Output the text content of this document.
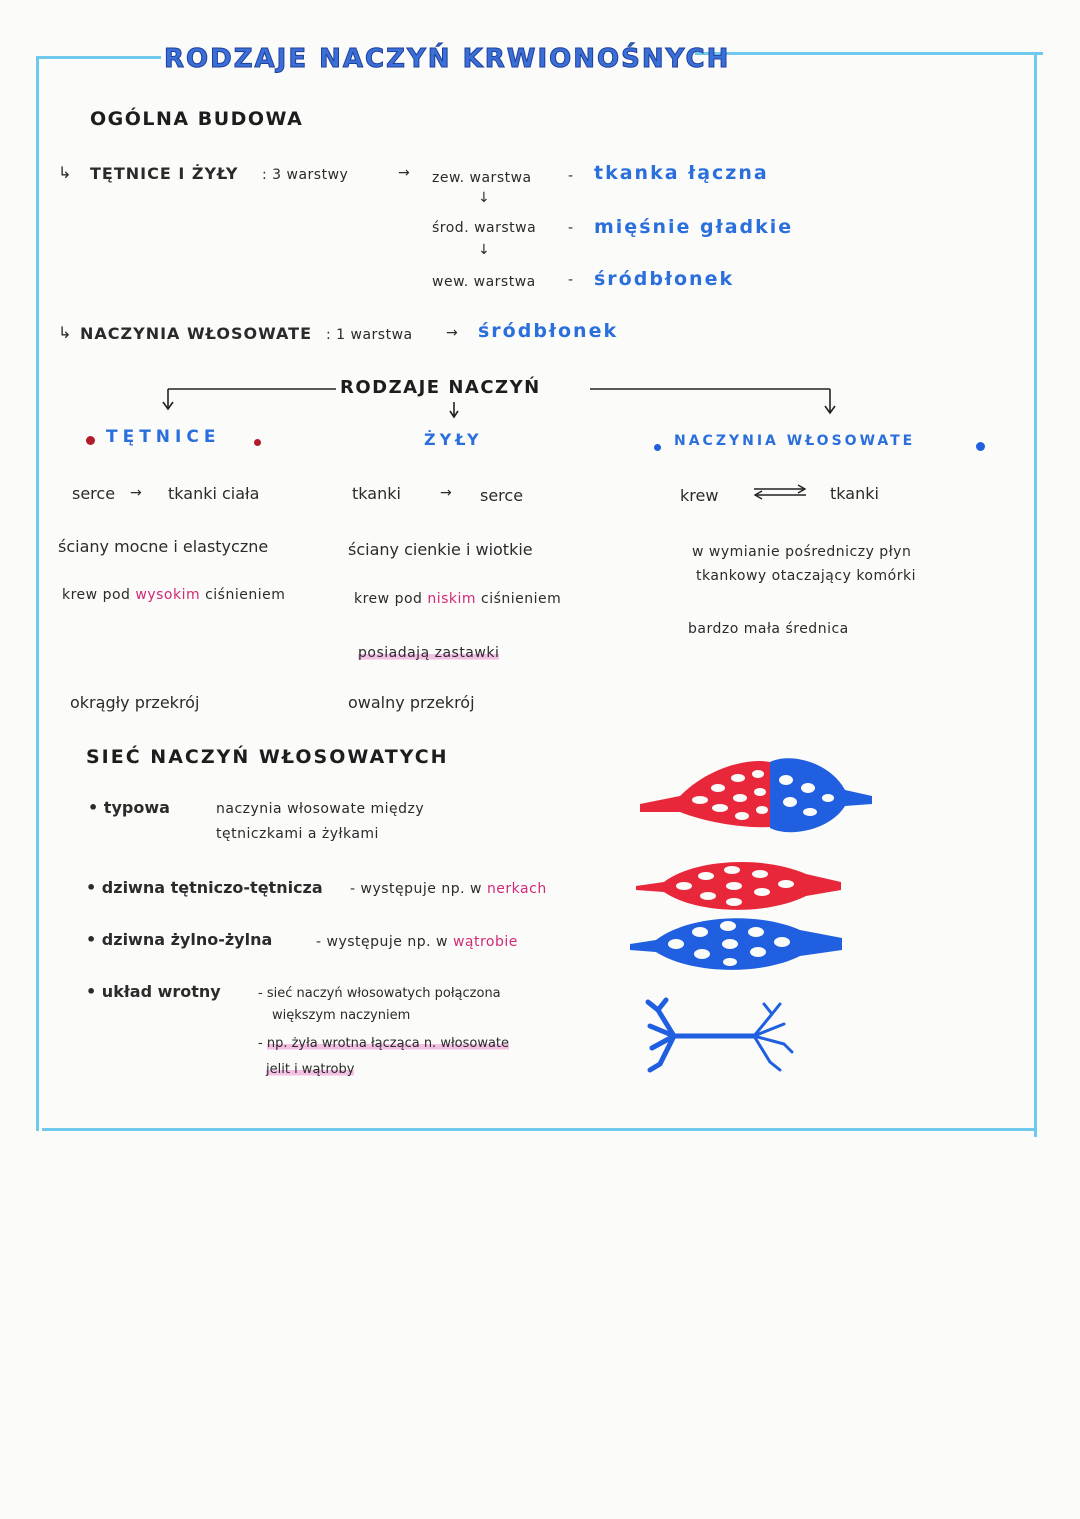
RODZAJE NACZYŃ KRWIONOŚNYCH
OGÓLNA BUDOWA
↳ TĘTNICE I ŻYŁY : 3 warstwy	→ zew. warstwa	- tkanka łączna
↓
środ. warstwa - mięśnie gładkie
↓
wew. warstwa - śródbłonek
↳ NACZYNIA WŁOSOWATE : 1 warstwa → śródbłonek
RODZAJE NACZYŃ
TĘTNICE
serce → tkanki ciała
ściany mocne i elastyczne
krew pod wysokim ciśnieniem
okrągły przekrój
ŻYŁY
tkanki	→ serce
ściany cienkie i wiotkie
krew pod niskim ciśnieniem
posiadają zastawki
owalny przekrój
NACZYNIA WŁOSOWATE
krew	tkanki
w wymianie pośredniczy płyn
tkankowy otaczający komórki
bardzo mała średnica
SIEĆ NACZYŃ WŁOSOWATYCH
• typowa	naczynia włosowate między
tętniczkami a żyłkami
• dziwna tętniczo-tętnicza - występuje np. w nerkach
• dziwna żylno-żylna	- występuje np. w wątrobie
• układ wrotny	- sieć naczyń włosowatych połączona
większym naczyniem
- np. żyła wrotna łącząca n. włosowate
jelit i wątroby
